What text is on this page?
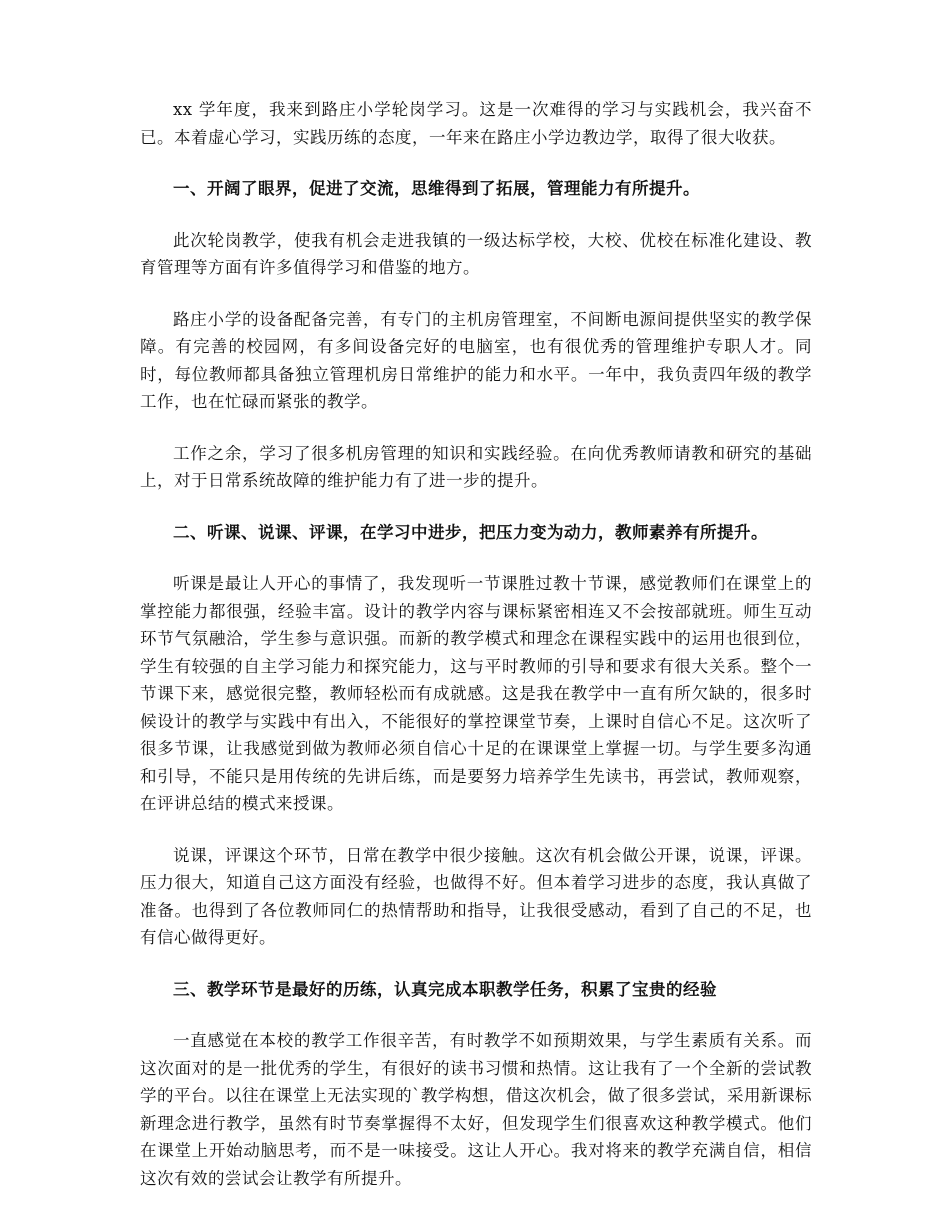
xx 学年度，我来到路庄小学轮岗学习。这是一次难得的学习与实践机会，我兴奋不已。本着虚心学习，实践历练的态度，一年来在路庄小学边教边学，取得了很大收获。

一、开阔了眼界，促进了交流，思维得到了拓展，管理能力有所提升。

此次轮岗教学，使我有机会走进我镇的一级达标学校，大校、优校在标准化建设、教育管理等方面有许多值得学习和借鉴的地方。

路庄小学的设备配备完善，有专门的主机房管理室，不间断电源间提供坚实的教学保障。有完善的校园网，有多间设备完好的电脑室，也有很优秀的管理维护专职人才。同时，每位教师都具备独立管理机房日常维护的能力和水平。一年中，我负责四年级的教学工作，也在忙碌而紧张的教学。

工作之余，学习了很多机房管理的知识和实践经验。在向优秀教师请教和研究的基础上，对于日常系统故障的维护能力有了进一步的提升。

二、听课、说课、评课，在学习中进步，把压力变为动力，教师素养有所提升。

听课是最让人开心的事情了，我发现听一节课胜过教十节课，感觉教师们在课堂上的掌控能力都很强，经验丰富。设计的教学内容与课标紧密相连又不会按部就班。师生互动环节气氛融洽，学生参与意识强。而新的教学模式和理念在课程实践中的运用也很到位，学生有较强的自主学习能力和探究能力，这与平时教师的引导和要求有很大关系。整个一节课下来，感觉很完整，教师轻松而有成就感。这是我在教学中一直有所欠缺的，很多时候设计的教学与实践中有出入，不能很好的掌控课堂节奏，上课时自信心不足。这次听了很多节课，让我感觉到做为教师必须自信心十足的在课课堂上掌握一切。与学生要多沟通和引导，不能只是用传统的先讲后练，而是要努力培养学生先读书，再尝试，教师观察，在评讲总结的模式来授课。

说课，评课这个环节，日常在教学中很少接触。这次有机会做公开课，说课，评课。压力很大，知道自己这方面没有经验，也做得不好。但本着学习进步的态度，我认真做了准备。也得到了各位教师同仁的热情帮助和指导，让我很受感动，看到了自己的不足，也有信心做得更好。

三、教学环节是最好的历练，认真完成本职教学任务，积累了宝贵的经验

一直感觉在本校的教学工作很辛苦，有时教学不如预期效果，与学生素质有关系。而这次面对的是一批优秀的学生，有很好的读书习惯和热情。这让我有了一个全新的尝试教学的平台。以往在课堂上无法实现的`教学构想，借这次机会，做了很多尝试，采用新课标新理念进行教学，虽然有时节奏掌握得不太好，但发现学生们很喜欢这种教学模式。他们在课堂上开始动脑思考，而不是一味接受。这让人开心。我对将来的教学充满自信，相信这次有效的尝试会让教学有所提升。
